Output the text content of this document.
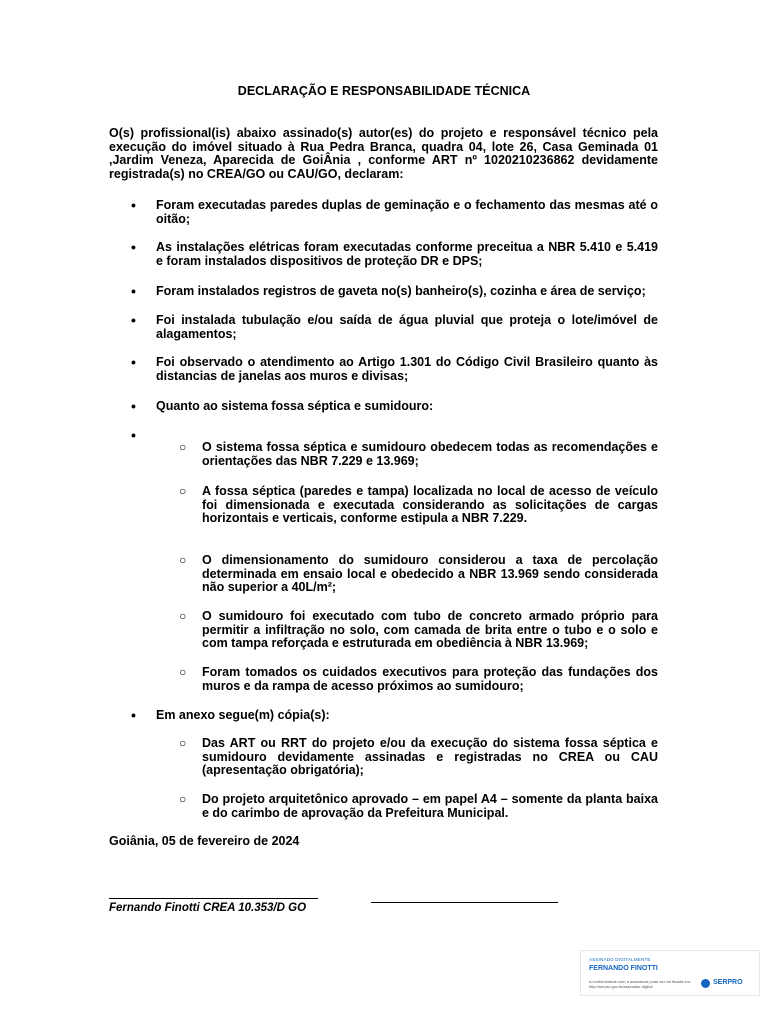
DECLARAÇÃO E RESPONSABILIDADE TÉCNICA
O(s) profissional(is) abaixo assinado(s) autor(es) do projeto e responsável técnico pela execução do imóvel situado à Rua Pedra Branca, quadra 04, lote 26, Casa Geminada 01 ,Jardim Veneza, Aparecida de GoiÂnia , conforme ART nº 1020210236862 devidamente registrada(s) no CREA/GO ou CAU/GO, declaram:
• Foram executadas paredes duplas de geminação e o fechamento das mesmas até o oitão;
• As instalações elétricas foram executadas conforme preceitua a NBR 5.410 e 5.419 e foram instalados dispositivos de proteção DR e DPS;
• Foram instalados registros de gaveta no(s) banheiro(s), cozinha e área de serviço;
• Foi instalada tubulação e/ou saída de água pluvial que proteja o lote/imóvel de alagamentos;
• Foi observado o atendimento ao Artigo 1.301 do Código Civil Brasileiro quanto às distancias de janelas aos muros e divisas;
• Quanto ao sistema fossa séptica e sumidouro:
•
○ O sistema fossa séptica e sumidouro obedecem todas as recomendações e orientações das NBR 7.229 e 13.969;
○ A fossa séptica (paredes e tampa) localizada no local de acesso de veículo foi dimensionada e executada considerando as solicitações de cargas horizontais e verticais, conforme estipula a NBR 7.229.
○ O dimensionamento do sumidouro considerou a taxa de percolação determinada em ensaio local e obedecido a NBR 13.969 sendo considerada não superior a 40L/m²;
○ O sumidouro foi executado com tubo de concreto armado próprio para permitir a infiltração no solo, com camada de brita entre o tubo e o solo e com tampa reforçada e estruturada em obediência à NBR 13.969;
○ Foram tomados os cuidados executivos para proteção das fundações dos muros e da rampa de acesso próximos ao sumidouro;
• Em anexo segue(m) cópia(s):
○ Das ART ou RRT do projeto e/ou da execução do sistema fossa séptica e sumidouro devidamente assinadas e registradas no CREA ou CAU (apresentação obrigatória);
○ Do projeto arquitetônico aprovado – em papel A4 – somente da planta baixa e do carimbo de aprovação da Prefeitura Municipal.
Goiânia, 05 de fevereiro de 2024
Fernando Finotti CREA 10.353/D GO
ASSINADO DIGITALMENTE
FERNANDO FINOTTI
A conformidade com a assinatura pode ser verificada em: http://serpro.gov.br/assinador-digital
SERPRO
